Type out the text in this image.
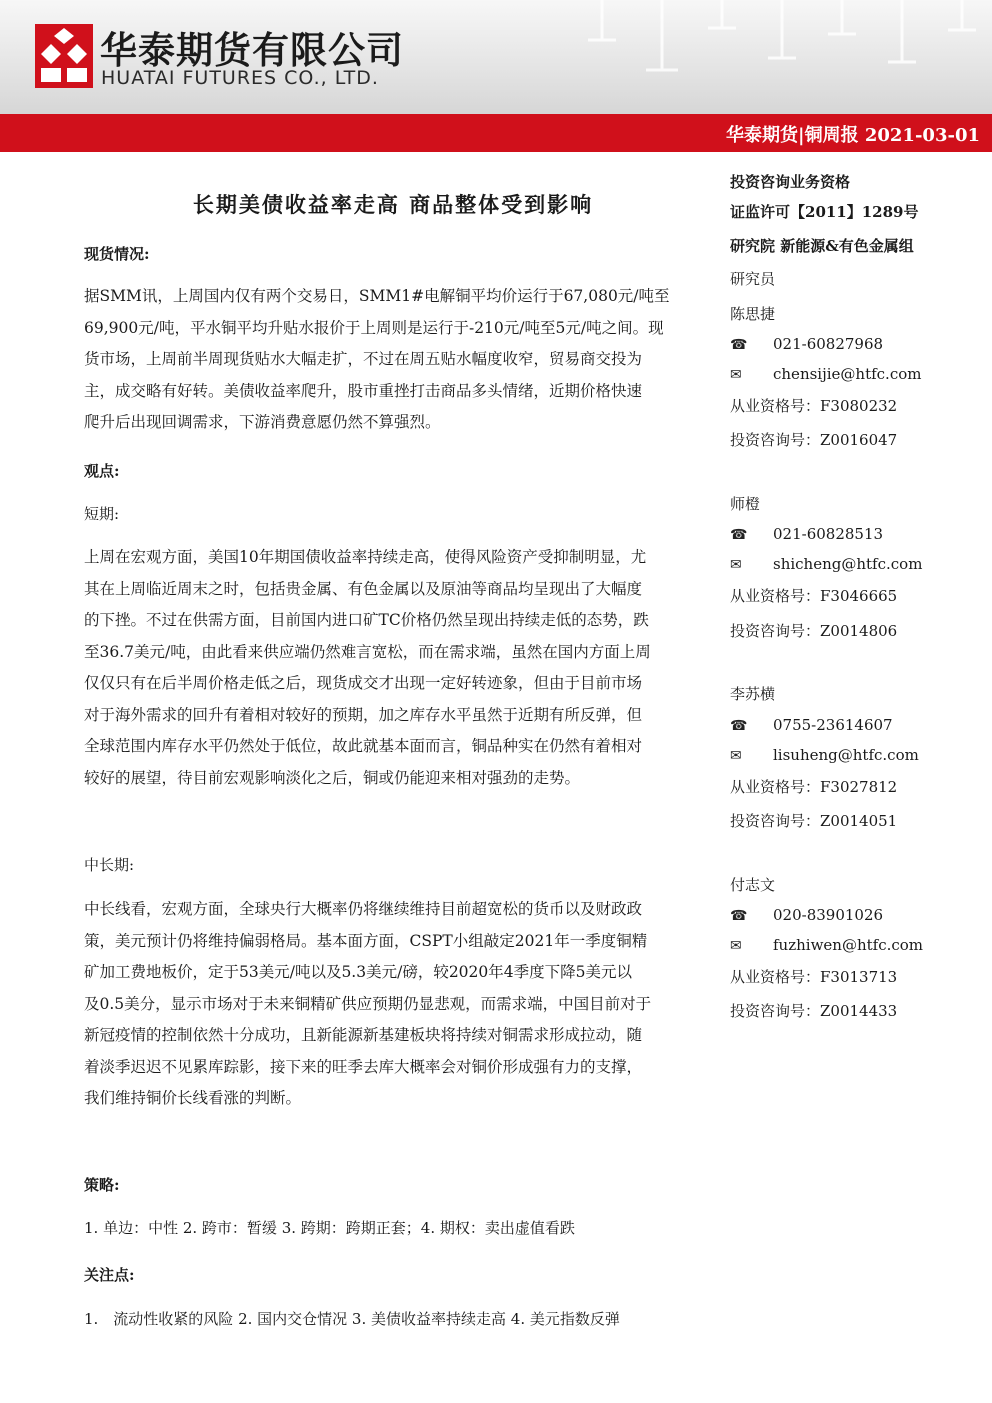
华泰期货有限公司
HUATAI FUTURES CO., LTD.
华泰期货|铜周报 2021-03-01
长期美债收益率走高 商品整体受到影响
现货情况:
据SMM讯，上周国内仅有两个交易日，SMM1#电解铜平均价运行于67,080元/吨至
69,900元/吨，平水铜平均升贴水报价于上周则是运行于-210元/吨至5元/吨之间。现
货市场，上周前半周现货贴水大幅走扩，不过在周五贴水幅度收窄，贸易商交投为
主，成交略有好转。美债收益率爬升，股市重挫打击商品多头情绪，近期价格快速
爬升后出现回调需求，下游消费意愿仍然不算强烈。
观点:
短期:
上周在宏观方面，美国10年期国债收益率持续走高，使得风险资产受抑制明显，尤
其在上周临近周末之时，包括贵金属、有色金属以及原油等商品均呈现出了大幅度
的下挫。不过在供需方面，目前国内进口矿TC价格仍然呈现出持续走低的态势，跌
至36.7美元/吨，由此看来供应端仍然难言宽松，而在需求端，虽然在国内方面上周
仅仅只有在后半周价格走低之后，现货成交才出现一定好转迹象，但由于目前市场
对于海外需求的回升有着相对较好的预期，加之库存水平虽然于近期有所反弹，但
全球范围内库存水平仍然处于低位，故此就基本面而言，铜品种实在仍然有着相对
较好的展望，待目前宏观影响淡化之后，铜或仍能迎来相对强劲的走势。
中长期:
中长线看，宏观方面，全球央行大概率仍将继续维持目前超宽松的货币以及财政政
策，美元预计仍将维持偏弱格局。基本面方面，CSPT小组敲定2021年一季度铜精
矿加工费地板价，定于53美元/吨以及5.3美元/磅，较2020年4季度下降5美元以
及0.5美分，显示市场对于未来铜精矿供应预期仍显悲观，而需求端，中国目前对于
新冠疫情的控制依然十分成功，且新能源新基建板块将持续对铜需求形成拉动，随
着淡季迟迟不见累库踪影，接下来的旺季去库大概率会对铜价形成强有力的支撑，
我们维持铜价长线看涨的判断。
策略:
1. 单边：中性 2. 跨市：暂缓 3. 跨期：跨期正套；4. 期权：卖出虚值看跌
关注点:
1.　流动性收紧的风险 2. 国内交仓情况 3. 美债收益率持续走高 4. 美元指数反弹
投资咨询业务资格
证监许可【2011】1289号
研究院 新能源&有色金属组
研究员
陈思捷
☎ 021-60827968
✉	chensijie@htfc.com
从业资格号：F3080232
投资咨询号：Z0016047
师橙
☎ 021-60828513
✉	shicheng@htfc.com
从业资格号：F3046665
投资咨询号：Z0014806
李苏横
☎ 0755-23614607
✉	lisuheng@htfc.com
从业资格号：F3027812
投资咨询号：Z0014051
付志文
☎ 020-83901026
✉	fuzhiwen@htfc.com
从业资格号：F3013713
投资咨询号：Z0014433
